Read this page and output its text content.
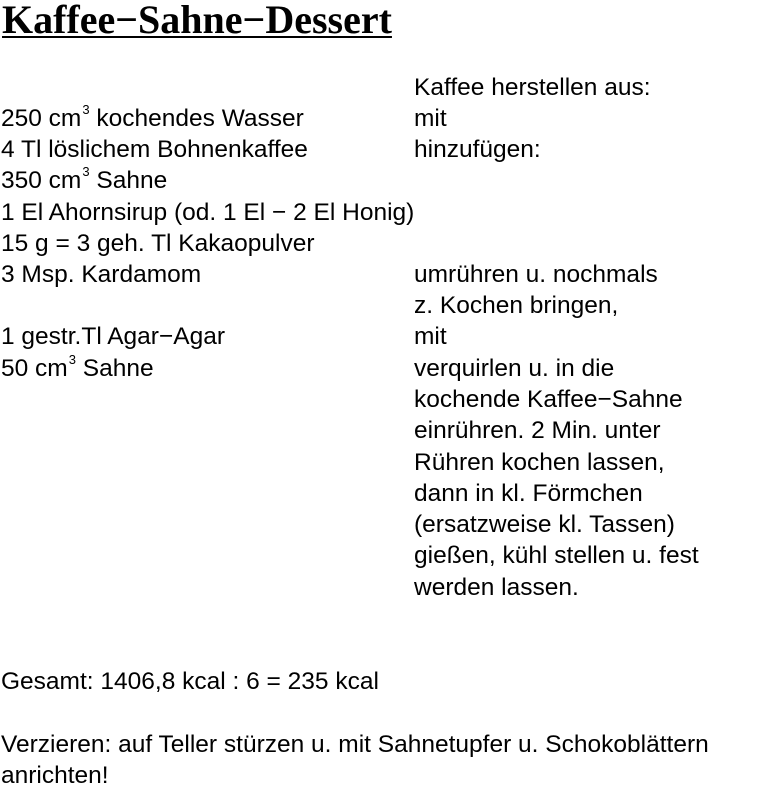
Kaffee−Sahne−Dessert
Kaffee herstellen aus:
mit
hinzufügen:
umrühren u. nochmals
z. Kochen bringen,
mit
verquirlen u. in die
kochende Kaffee−Sahne
einrühren. 2 Min. unter
Rühren kochen lassen,
dann in kl. Förmchen
(ersatzweise kl. Tassen)
gießen, kühl stellen u. fest
werden lassen.
250 $cm^3$ kochendes Wasser
4 Tl löslichem Bohnenkaffee
350 $cm^3$ Sahne
1 El Ahornsirup (od. 1 El − 2 El Honig)
15 g = 3 geh. Tl Kakaopulver
3 Msp. Kardamom
1 gestr.Tl Agar−Agar
50 $cm^3$ Sahne
Gesamt: 1406,8 kcal : 6 = 235 kcal
Verzieren: auf Teller stürzen u. mit Sahnetupfer u. Schokoblättern
anrichten!
